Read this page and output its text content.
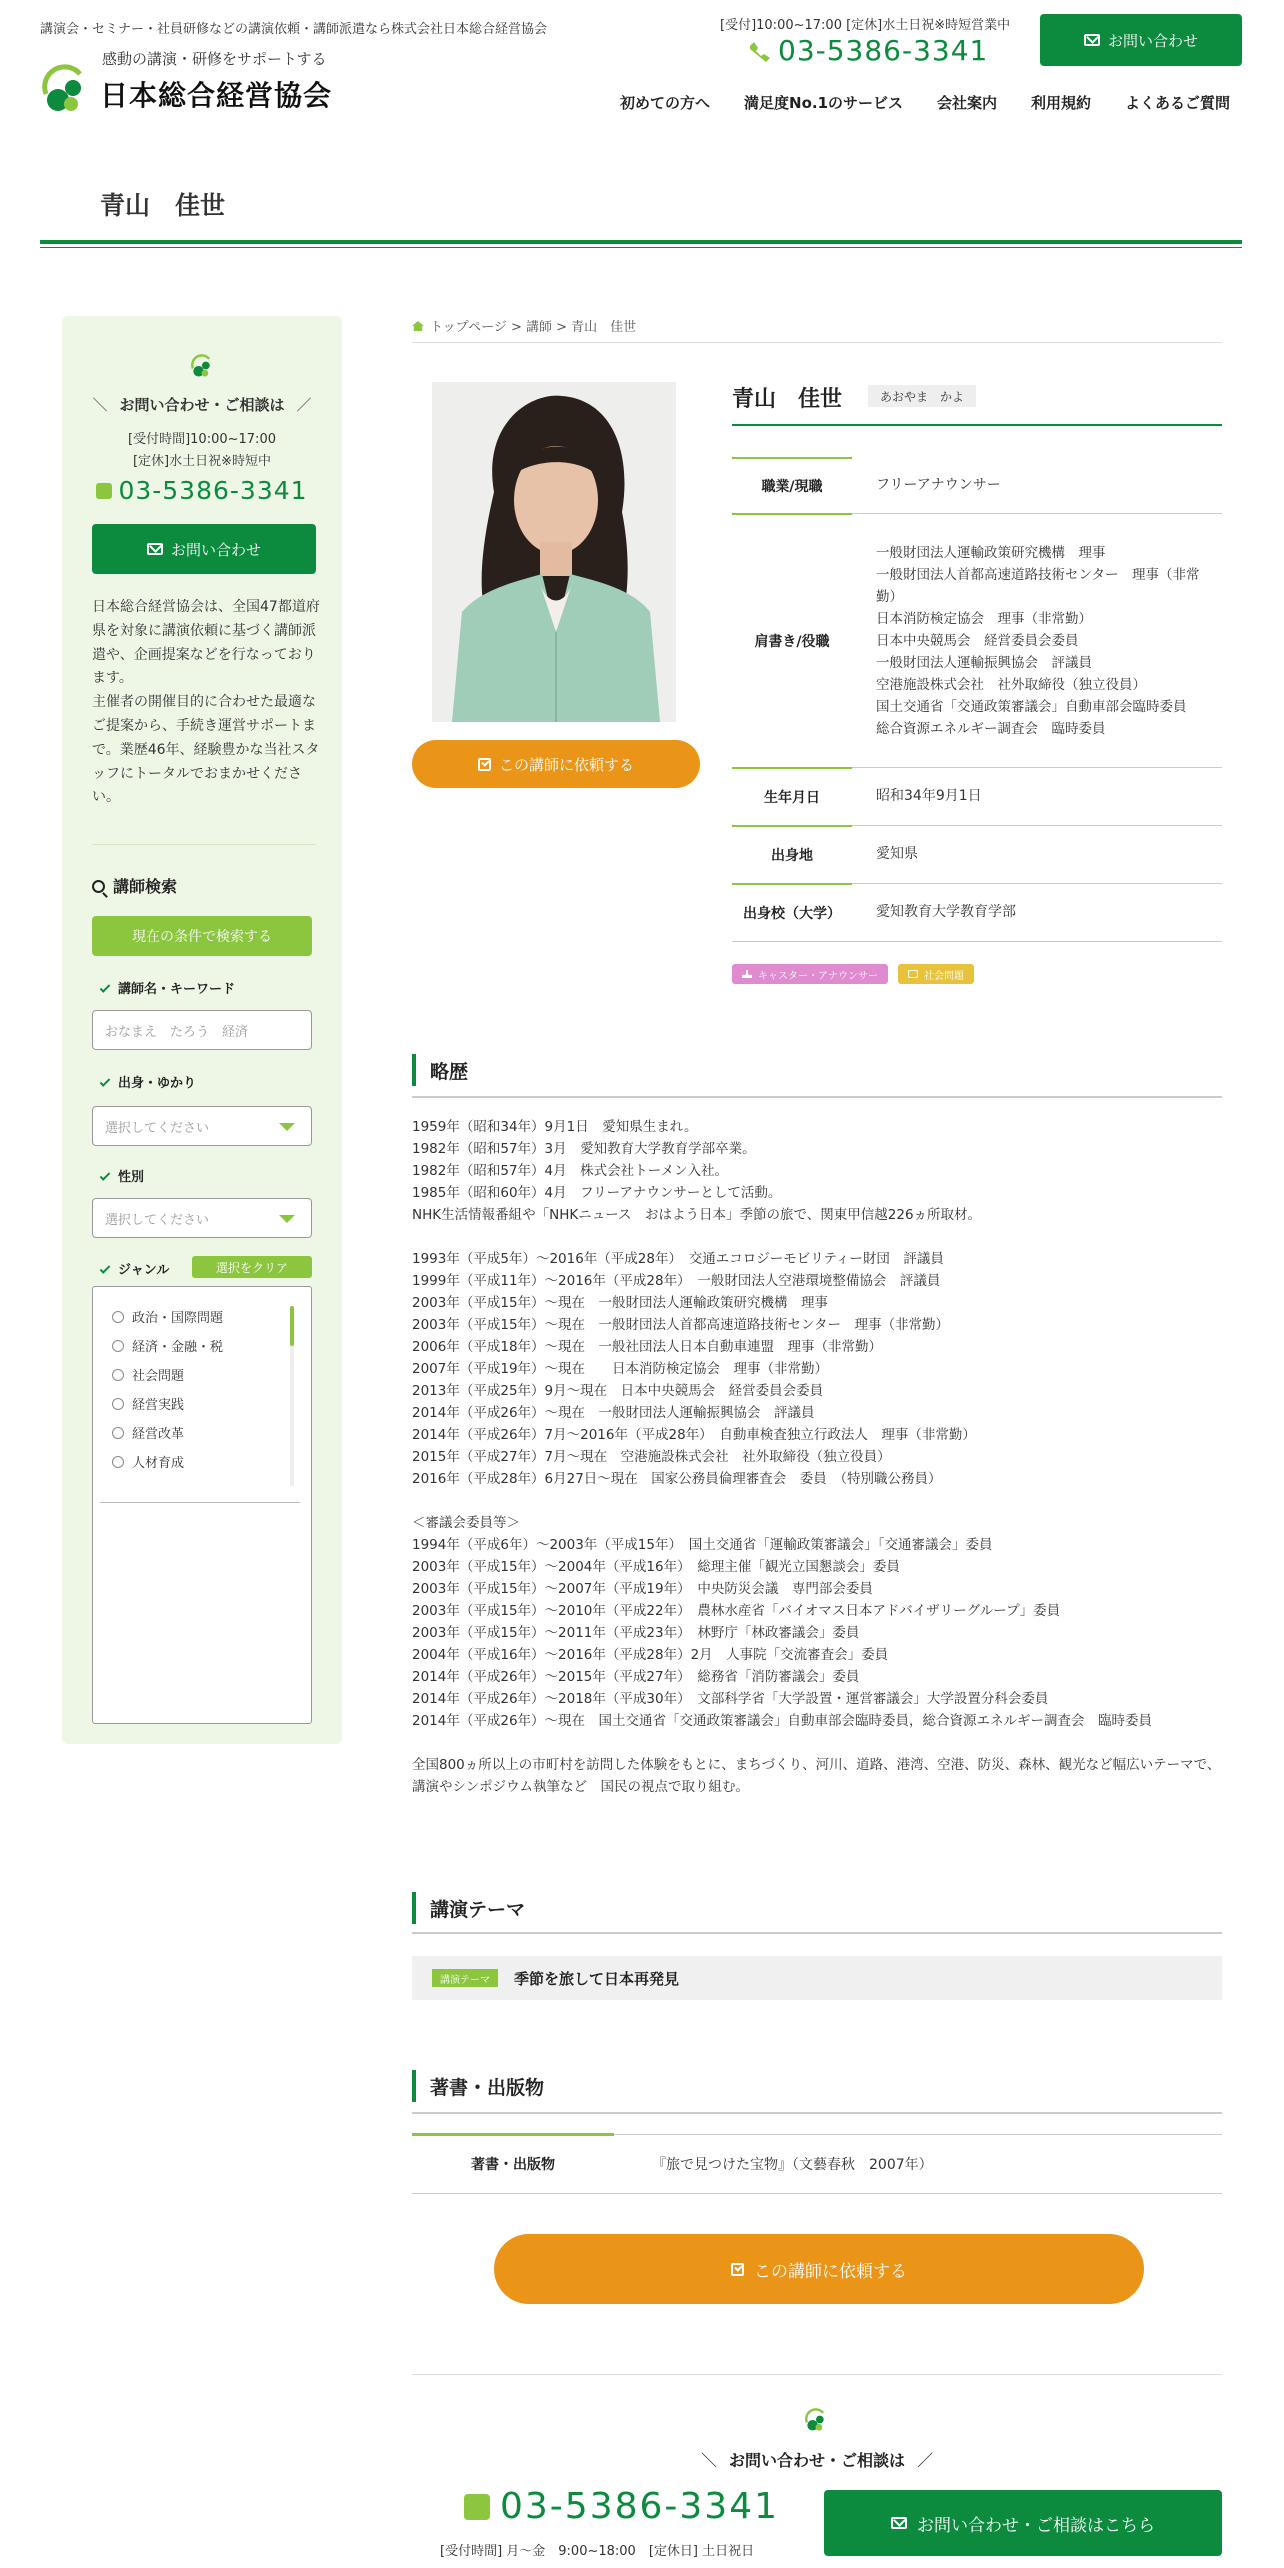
講演会・セミナー・社員研修などの講演依頼・講師派遣なら株式会社日本総合経営協会	[受付]10:00~17:00 [定休]水土日祝※時短営業中
03-5386-3341	お問い合わせ
感動の講演・研修をサポートする
日本総合経営協会	初めての方へ 満足度No.1のサービス 会社案内 利用規約 よくあるご質問
青山　佳世
＼ お問い合わせ・ご相談は ／
[受付時間]10:00~17:00
[定休]水土日祝※時短中
03-5386-3341
お問い合わせ
日本総合経営協会は、全国47都道府県を対象に講演依頼に基づく講師派遣や、企画提案などを行なっております。
主催者の開催目的に合わせた最適なご提案から、手続き運営サポートまで。業歴46年、経験豊かな当社スタッフにトータルでおまかせください。
講師検索
現在の条件で検索する
講師名・キーワード
おなまえ　たろう　経済
出身・ゆかり
選択してください
性別
選択してください
ジャンル	選択をクリア
政治・国際問題
経済・金融・税
社会問題
経営実践
経営改革
人材育成
トップページ > 講師 > 青山　佳世
この講師に依頼する
青山　佳世	あおやま　かよ
職業/現職	フリーアナウンサー
肩書き/役職
一般財団法人運輸政策研究機構　理事
一般財団法人首都高速道路技術センター　理事（非常勤）
日本消防検定協会　理事（非常勤）
日本中央競馬会　経営委員会委員
一般財団法人運輸振興協会　評議員
空港施設株式会社　社外取締役（独立役員）
国土交通省「交通政策審議会」自動車部会臨時委員
総合資源エネルギー調査会　臨時委員
生年月日	昭和34年9月1日
出身地	愛知県
出身校（大学）	愛知教育大学教育学部
キャスター・アナウンサー	社会問題
略歴
1959年（昭和34年）9月1日　愛知県生まれ。
1982年（昭和57年）3月　愛知教育大学教育学部卒業。
1982年（昭和57年）4月　株式会社トーメン入社。
1985年（昭和60年）4月　フリーアナウンサーとして活動。
NHK生活情報番組や「NHKニュース　おはよう日本」季節の旅で、関東甲信越226ヵ所取材。

1993年（平成5年）～2016年（平成28年）　交通エコロジーモビリティー財団　評議員
1999年（平成11年）～2016年（平成28年）　一般財団法人空港環境整備協会　評議員
2003年（平成15年）～現在　一般財団法人運輸政策研究機構　理事
2003年（平成15年）～現在　一般財団法人首都高速道路技術センター　理事（非常勤）
2006年（平成18年）～現在　一般社団法人日本自動車連盟　理事（非常勤）
2007年（平成19年）～現在　　日本消防検定協会　理事（非常勤）
2013年（平成25年）9月～現在　日本中央競馬会　経営委員会委員
2014年（平成26年）～現在　一般財団法人運輸振興協会　評議員
2014年（平成26年）7月～2016年（平成28年）　自動車検査独立行政法人　理事（非常勤）
2015年（平成27年）7月～現在　空港施設株式会社　社外取締役（独立役員）
2016年（平成28年）6月27日～現在　国家公務員倫理審査会　委員　（特別職公務員）

＜審議会委員等＞
1994年（平成6年）～2003年（平成15年）　国土交通省「運輸政策審議会」「交通審議会」委員
2003年（平成15年）～2004年（平成16年）　総理主催「観光立国懇談会」委員
2003年（平成15年）～2007年（平成19年）　中央防災会議　専門部会委員
2003年（平成15年）～2010年（平成22年）　農林水産省「バイオマス日本アドバイザリーグループ」委員
2003年（平成15年）～2011年（平成23年）　林野庁「林政審議会」委員
2004年（平成16年）～2016年（平成28年）2月　人事院「交流審査会」委員
2014年（平成26年）～2015年（平成27年）　総務省「消防審議会」委員
2014年（平成26年）～2018年（平成30年）　文部科学省「大学設置・運営審議会」大学設置分科会委員
2014年（平成26年）～現在　国土交通省「交通政策審議会」自動車部会臨時委員，総合資源エネルギー調査会　臨時委員

全国800ヵ所以上の市町村を訪問した体験をもとに、まちづくり、河川、道路、港湾、空港、防災、森林、観光など幅広いテーマで、講演やシンポジウム執筆など　国民の視点で取り組む。
講演テーマ
講演テーマ	季節を旅して日本再発見
著書・出版物
著書・出版物	『旅で見つけた宝物』（文藝春秋　2007年）
この講師に依頼する
＼ お問い合わせ・ご相談は ／
03-5386-3341
[受付時間] 月〜金　9:00~18:00　[定休日] 土日祝日
お問い合わせ・ご相談はこちら
